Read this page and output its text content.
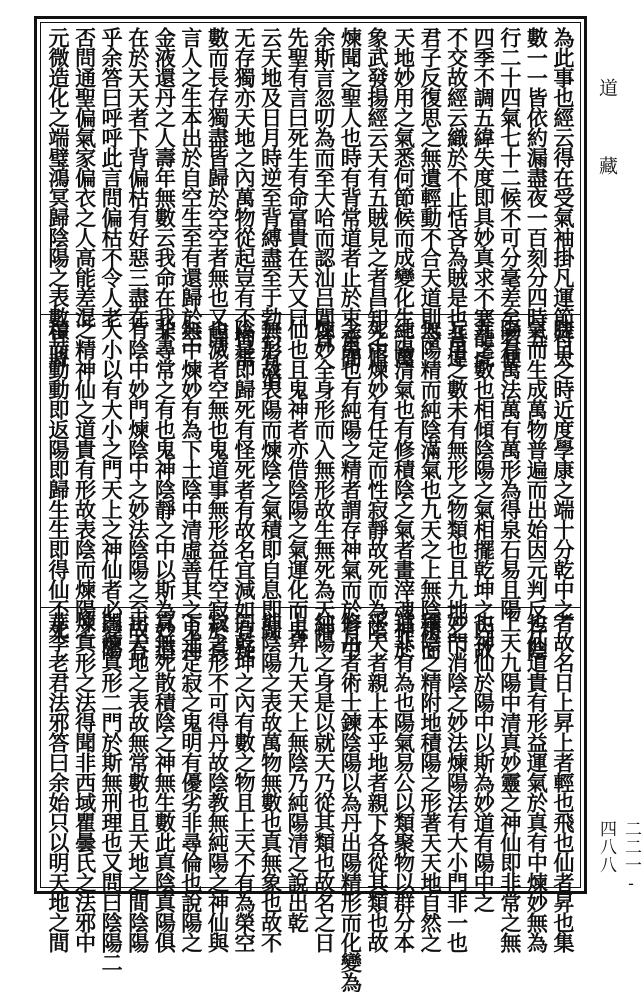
為此事也經云得在受氣袖掛凡運節符大
數一一皆依約漏盡夜一百刻分四時五
行二十四氣七十二候不可分毫差矣若便
四季不調五緯失度即具妙真求不塞龍虎
不交故經云織於不止恬吝為賊是也背違
君子反復思之無遺輕動不合天道則令
天地妙用之氣悉何節候而成變化生千萬
象武發揚經云天有五賊見之者昌知之脩
煉聞之聖人也時有背常道者止於束齋間
余斯言忽叨為而至大哈而認汕吕閭皆
先聖有言曰死生有命富貴在天又曰
云天地及日月時逆至背縛盡至于勃石有消
无存獨亦天地之內萬物從起豈有不拘常
數而長存獨盡皆歸於空空者無也又開
言人之生本出於自空生至有還歸於空
金液還丹之人壽年無數云我命在我不
在於天天者下背偏枯有好惡三盡在
乎余答曰呼呼此言問偏枯不令人老
否問通聖偏氣家偏衣之人高能差混
元微造化之端璧鴻冥歸陰陽之表數宜將
睫目之時近度學康之端十分乾中之
氣而生成萬物普遍而出始因元判反存陰
陽有萬法萬有萬形為得泉石易且陽
九之數也相傾陰陽之氣相擺乾坤之內故
互用之數未有無形之物類也且九地之下
無陽精而純陰滿氣也九天之上無陰精而
純陽清氣也有修積陰之氣者畫滓魂神於
死中煉妙有任定而性寂靜故死而為陰
之鬼也有純陽之精者謂存神氣而於有中
煉妙全身形而入無形故生無死為天神
仙也且鬼神者亦借陰陽之氣運化而鬼
無形故表陽而煉陰之氣積即自息即歸
陰是即歸死有怪死者有故名宜減如有疑
也滅者空無也鬼道事無形益任空寂於真
無中煉妙有為下土陰中清虛善其之鬼神
非尋常之有也鬼神陰靜之中以斯為妙道
有陰中妙門煉陰中之妙法陰陽之至故有
大小以有大小之門天上之神仙者必變陽
之精神仙之道貴有形故表陰而煉陽之
積而動動即返陽即歸生生即得仙不死
者故名日上昇上者輕也飛也仙者昇也集
也仙道貴有形益運氣於真有中煉妙無為
上天九陽中清真妙靈之神仙即非常之無
也神仙於陽中以斯為妙道有陽中之
妙門消陰之妙法煉陽法有大小門非一也
積陰之精附地積陽之形著天天地自然之
道非有為也陽氣易公以類聚物以群分本
乎天者親上本乎地者親下各從其類也故
修丹者術士鍊陰陽以為丹出陽精形而化變為
純陽之身是以就天乃從其類也故名之日
上昇九天天上無陰乃純陽清之說出乾
坤陰陽之表故萬物無數也真無象也故不
同乾坤之內有數之物且上天不有為榮空
寂之形不可得丹故陰教無純陽之神仙與
下土定寂之鬼明有優劣非尋倫也說陽之
真無死散積陰之神無生數此真陰真陽俱
出天地之表故無常數也且天地之間陰陽
門煉真形二門於斯無刑理也又問曰陰陽二
煉真形之法得聞非西域瞿曇氏之法邪中
華李老君法邪答曰余始只以明天地之間
道　藏
二二一-四八八
